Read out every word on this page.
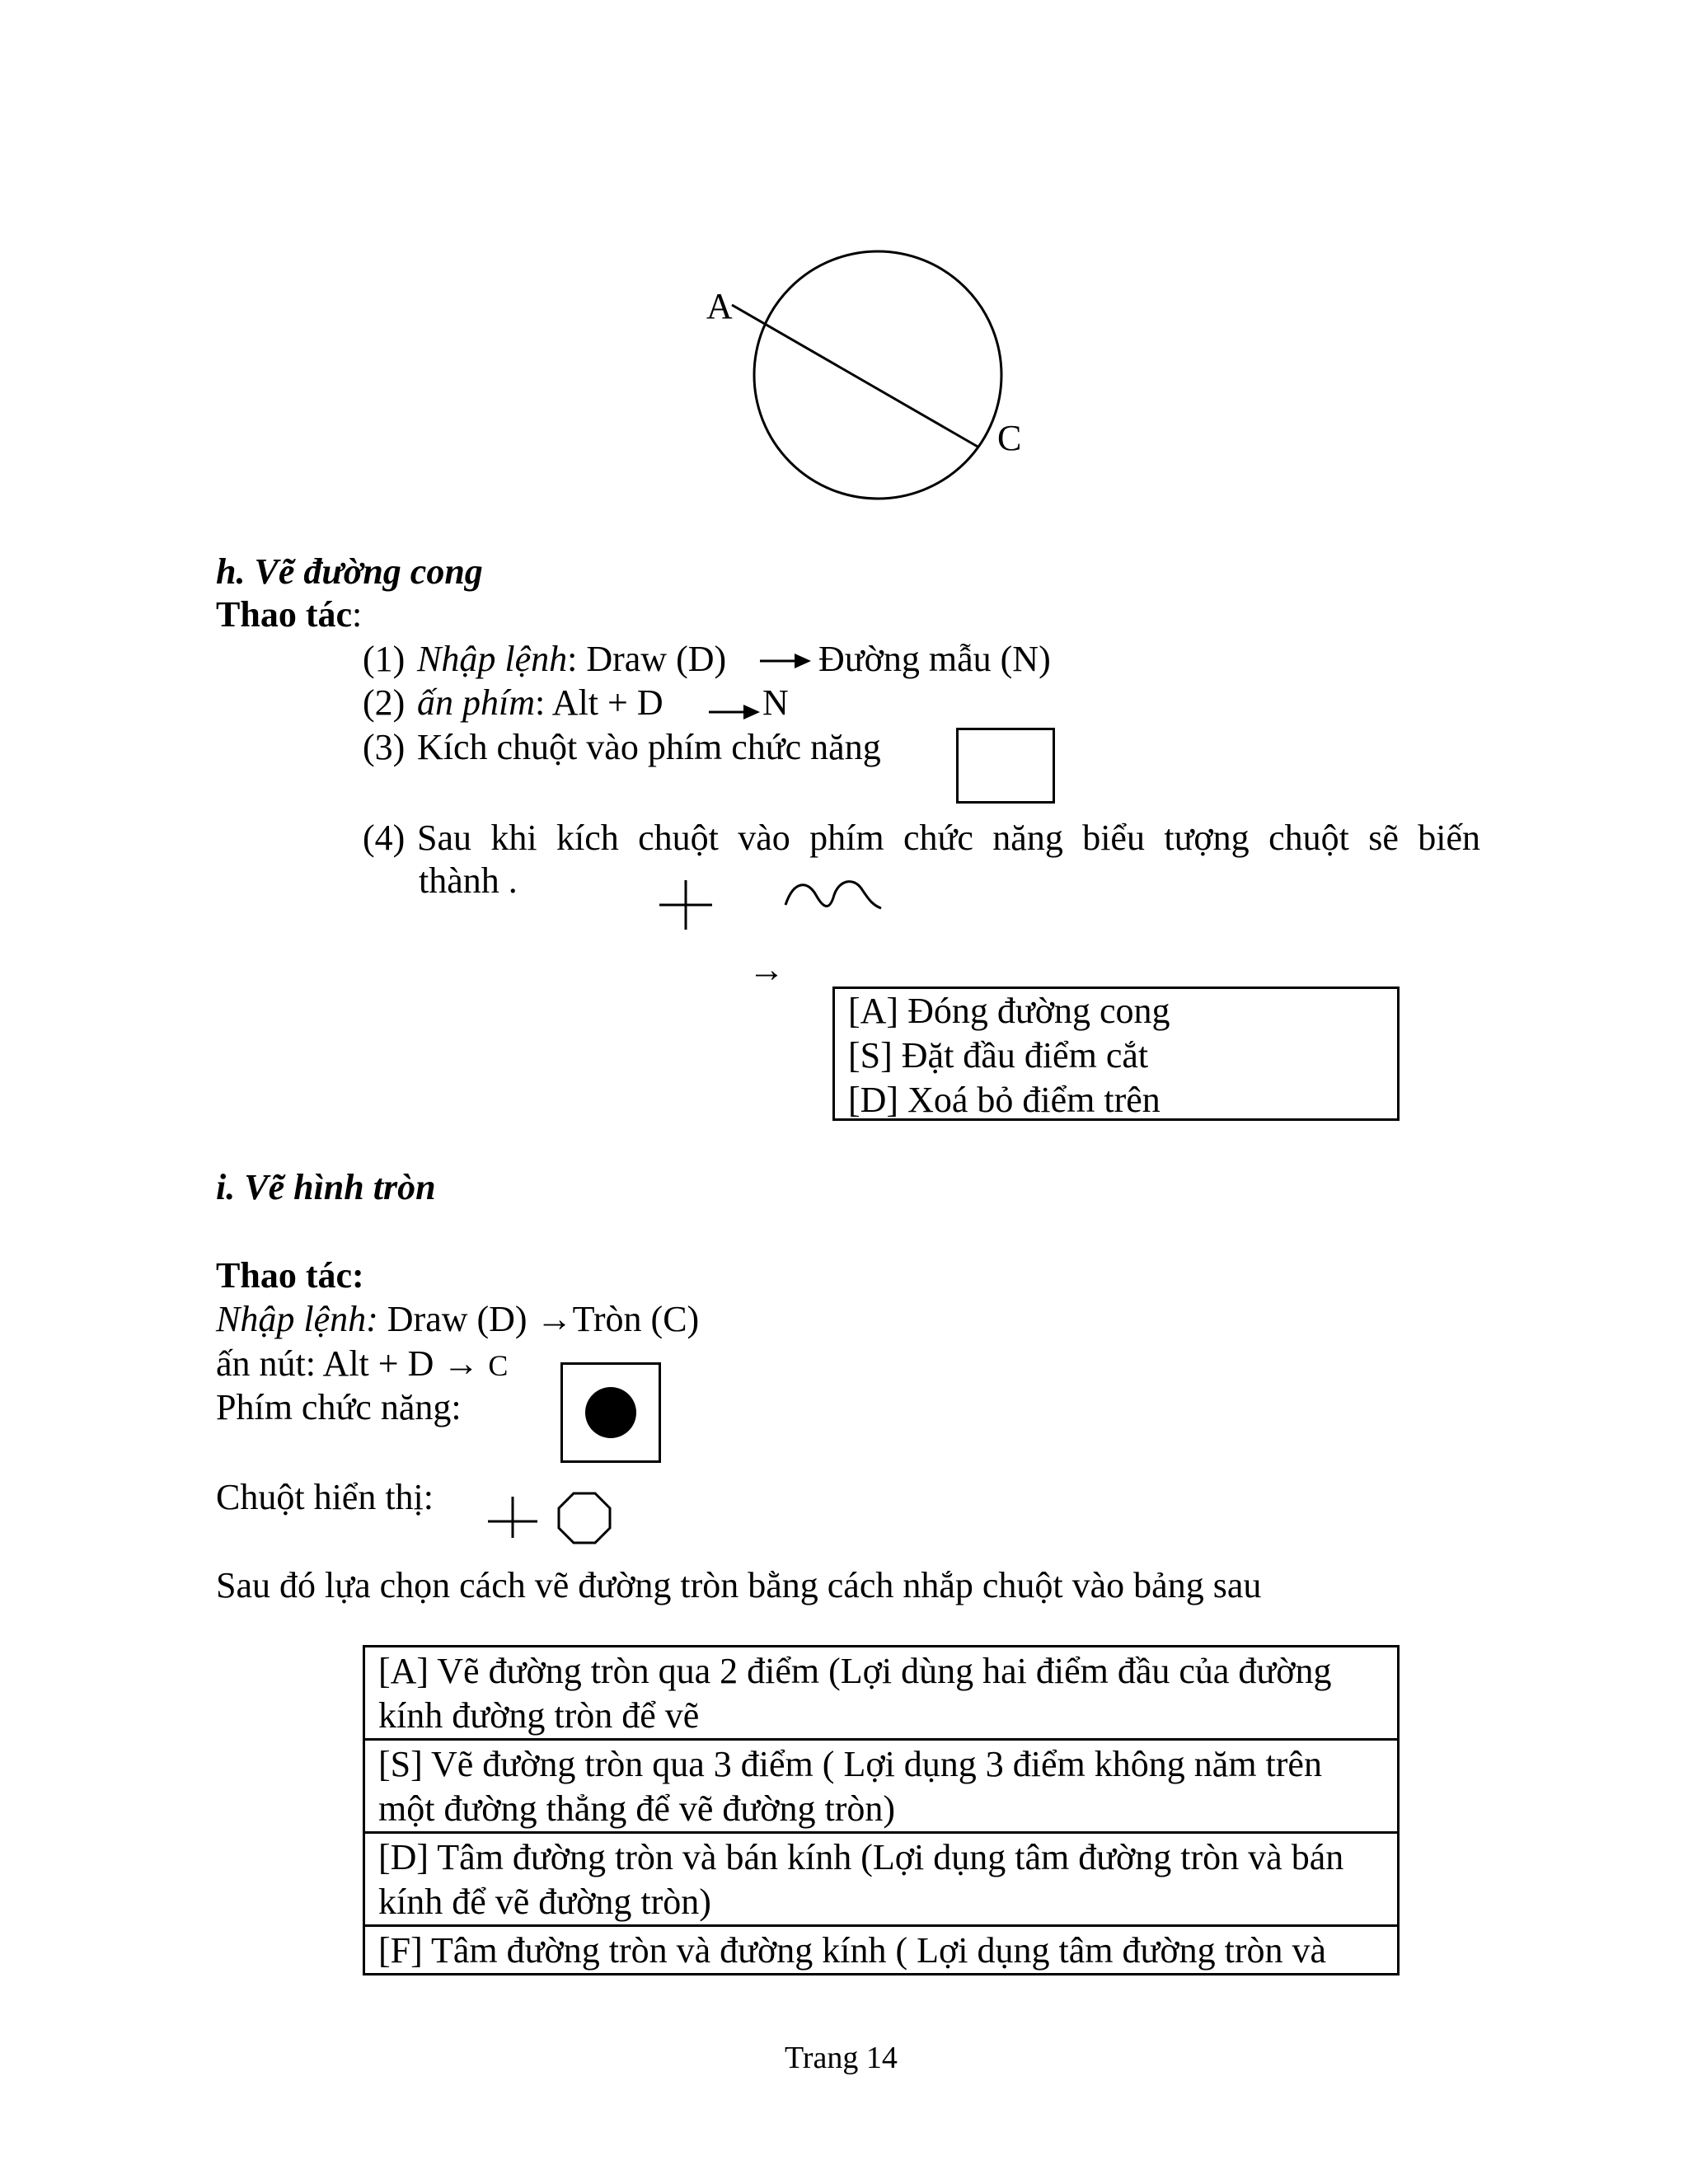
A
C
h. Vẽ đường cong
Thao tác:
(1) Nhập lệnh: Draw (D)	Đường mẫu (N)
(2) ấn phím: Alt + D	N
(3) Kích chuột vào phím chức năng
(4) Sau khi kích chuột vào phím chức năng biểu tượng chuột sẽ biến
thành .
→
[A] Đóng đường cong
[S] Đặt đầu điểm cắt
[D] Xoá bỏ điểm trên
i. Vẽ hình tròn
Thao tác:
Nhập lệnh: Draw (D) →Tròn (C)
ấn nút: Alt + D → C
Phím chức năng:
Chuột hiển thị:
Sau đó lựa chọn cách vẽ đường tròn bằng cách nhắp chuột vào bảng sau
[A] Vẽ đường tròn qua 2 điểm (Lợi dùng hai điểm đầu của đường kính đường tròn để vẽ
[S] Vẽ đường tròn qua 3 điểm ( Lợi dụng 3 điểm không năm trên một đường thẳng để vẽ đường tròn)
[D] Tâm đường tròn và bán kính (Lợi dụng tâm đường tròn và bán kính để vẽ đường tròn)
[F] Tâm đường tròn và đường kính ( Lợi dụng tâm đường tròn và
Trang 14
